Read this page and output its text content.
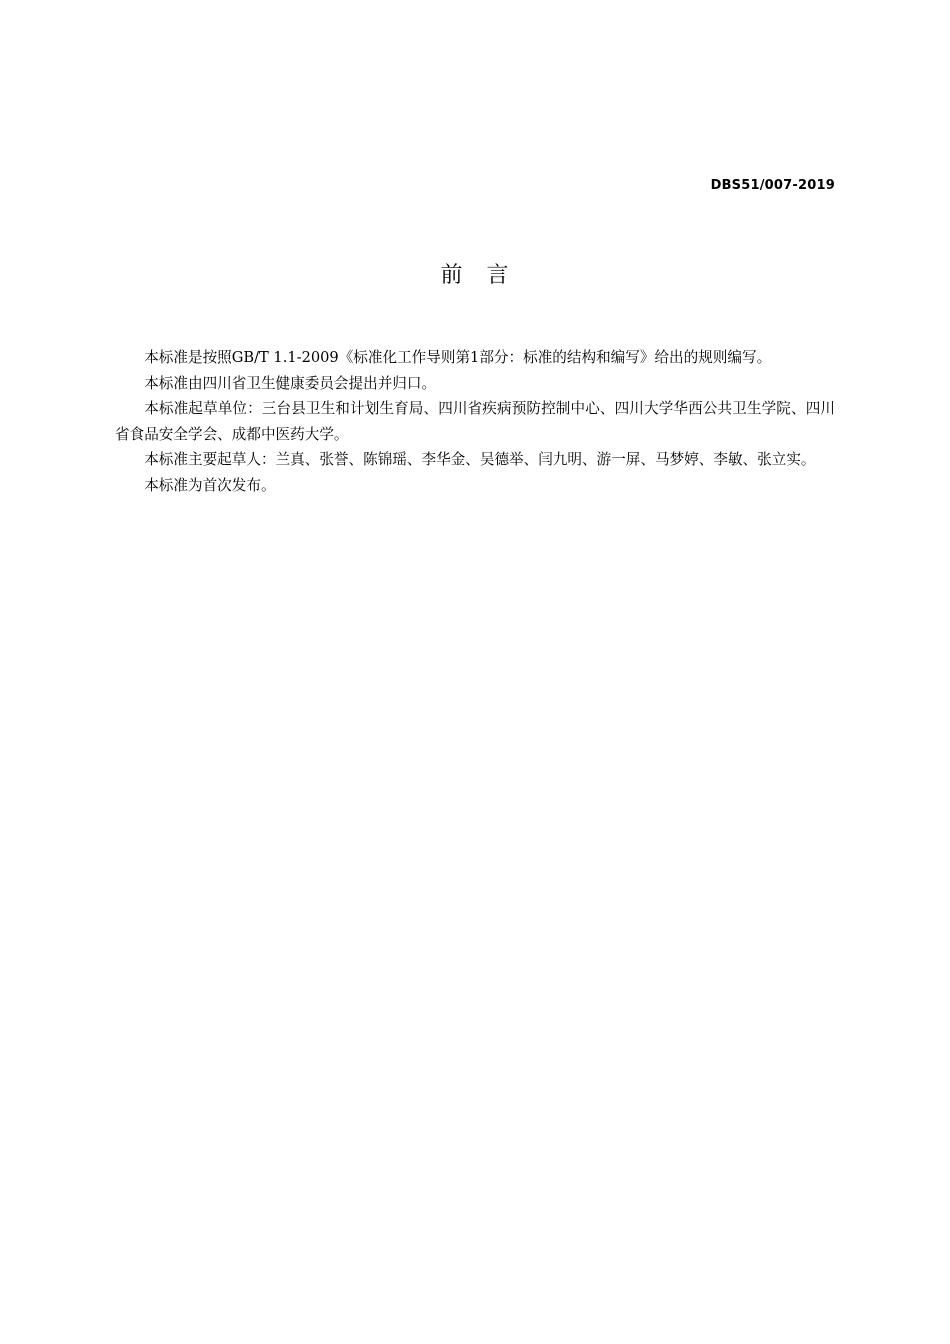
DBS51/007-2019
前　言

本标准是按照GB/T 1.1-2009《标准化工作导则第1部分：标准的结构和编写》给出的规则编写。

本标准由四川省卫生健康委员会提出并归口。

本标准起草单位：三台县卫生和计划生育局、四川省疾病预防控制中心、四川大学华西公共卫生学院、四川省食品安全学会、成都中医药大学。

本标准主要起草人：兰真、张誉、陈锦瑶、李华金、吴德举、闫九明、游一屏、马梦婷、李敏、张立实。

本标准为首次发布。
